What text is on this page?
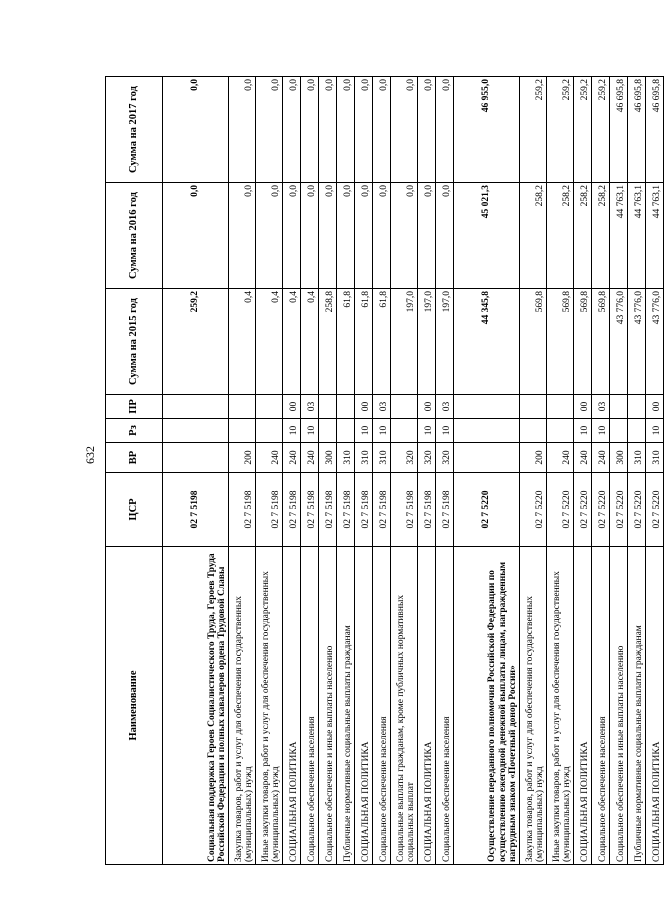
632
Наименование	ЦСР	ВР	Рз	ПР	Сумма на 2015 год	Сумма на 2016 год	Сумма на 2017 год
Социальная поддержка Героев Социалистического Труда, Героев Труда Российской Федерации и полных кавалеров ордена Трудовой Славы	02 7 5198				259,2	0,0	0,0
Закупка товаров, работ и услуг для обеспечения государственных (муниципальных) нужд	02 7 5198	200			0,4	0,0	0,0
Иные закупки товаров, работ и услуг для обеспечения государственных (муниципальных) нужд	02 7 5198	240			0,4	0,0	0,0
СОЦИАЛЬНАЯ ПОЛИТИКА	02 7 5198	240	10	00	0,4	0,0	0,0
Социальное обеспечение населения	02 7 5198	240	10	03	0,4	0,0	0,0
Социальное обеспечение и иные выплаты населению	02 7 5198	300			258,8	0,0	0,0
Публичные нормативные социальные выплаты гражданам	02 7 5198	310			61,8	0,0	0,0
СОЦИАЛЬНАЯ ПОЛИТИКА	02 7 5198	310	10	00	61,8	0,0	0,0
Социальное обеспечение населения	02 7 5198	310	10	03	61,8	0,0	0,0
Социальные выплаты гражданам, кроме публичных нормативных социальных выплат	02 7 5198	320			197,0	0,0	0,0
СОЦИАЛЬНАЯ ПОЛИТИКА	02 7 5198	320	10	00	197,0	0,0	0,0
Социальное обеспечение населения	02 7 5198	320	10	03	197,0	0,0	0,0
Осуществление переданного полномочия Российской Федерации по осуществлению ежегодной денежной выплаты лицам, награжденным нагрудным знаком «Почетный донор России»	02 7 5220				44 345,8	45 021,3	46 955,0
Закупка товаров, работ и услуг для обеспечения государственных (муниципальных) нужд	02 7 5220	200			569,8	258,2	259,2
Иные закупки товаров, работ и услуг для обеспечения государственных (муниципальных) нужд	02 7 5220	240			569,8	258,2	259,2
СОЦИАЛЬНАЯ ПОЛИТИКА	02 7 5220	240	10	00	569,8	258,2	259,2
Социальное обеспечение населения	02 7 5220	240	10	03	569,8	258,2	259,2
Социальное обеспечение и иные выплаты населению	02 7 5220	300			43 776,0	44 763,1	46 695,8
Публичные нормативные социальные выплаты гражданам	02 7 5220	310			43 776,0	44 763,1	46 695,8
СОЦИАЛЬНАЯ ПОЛИТИКА	02 7 5220	310	10	00	43 776,0	44 763,1	46 695,8
